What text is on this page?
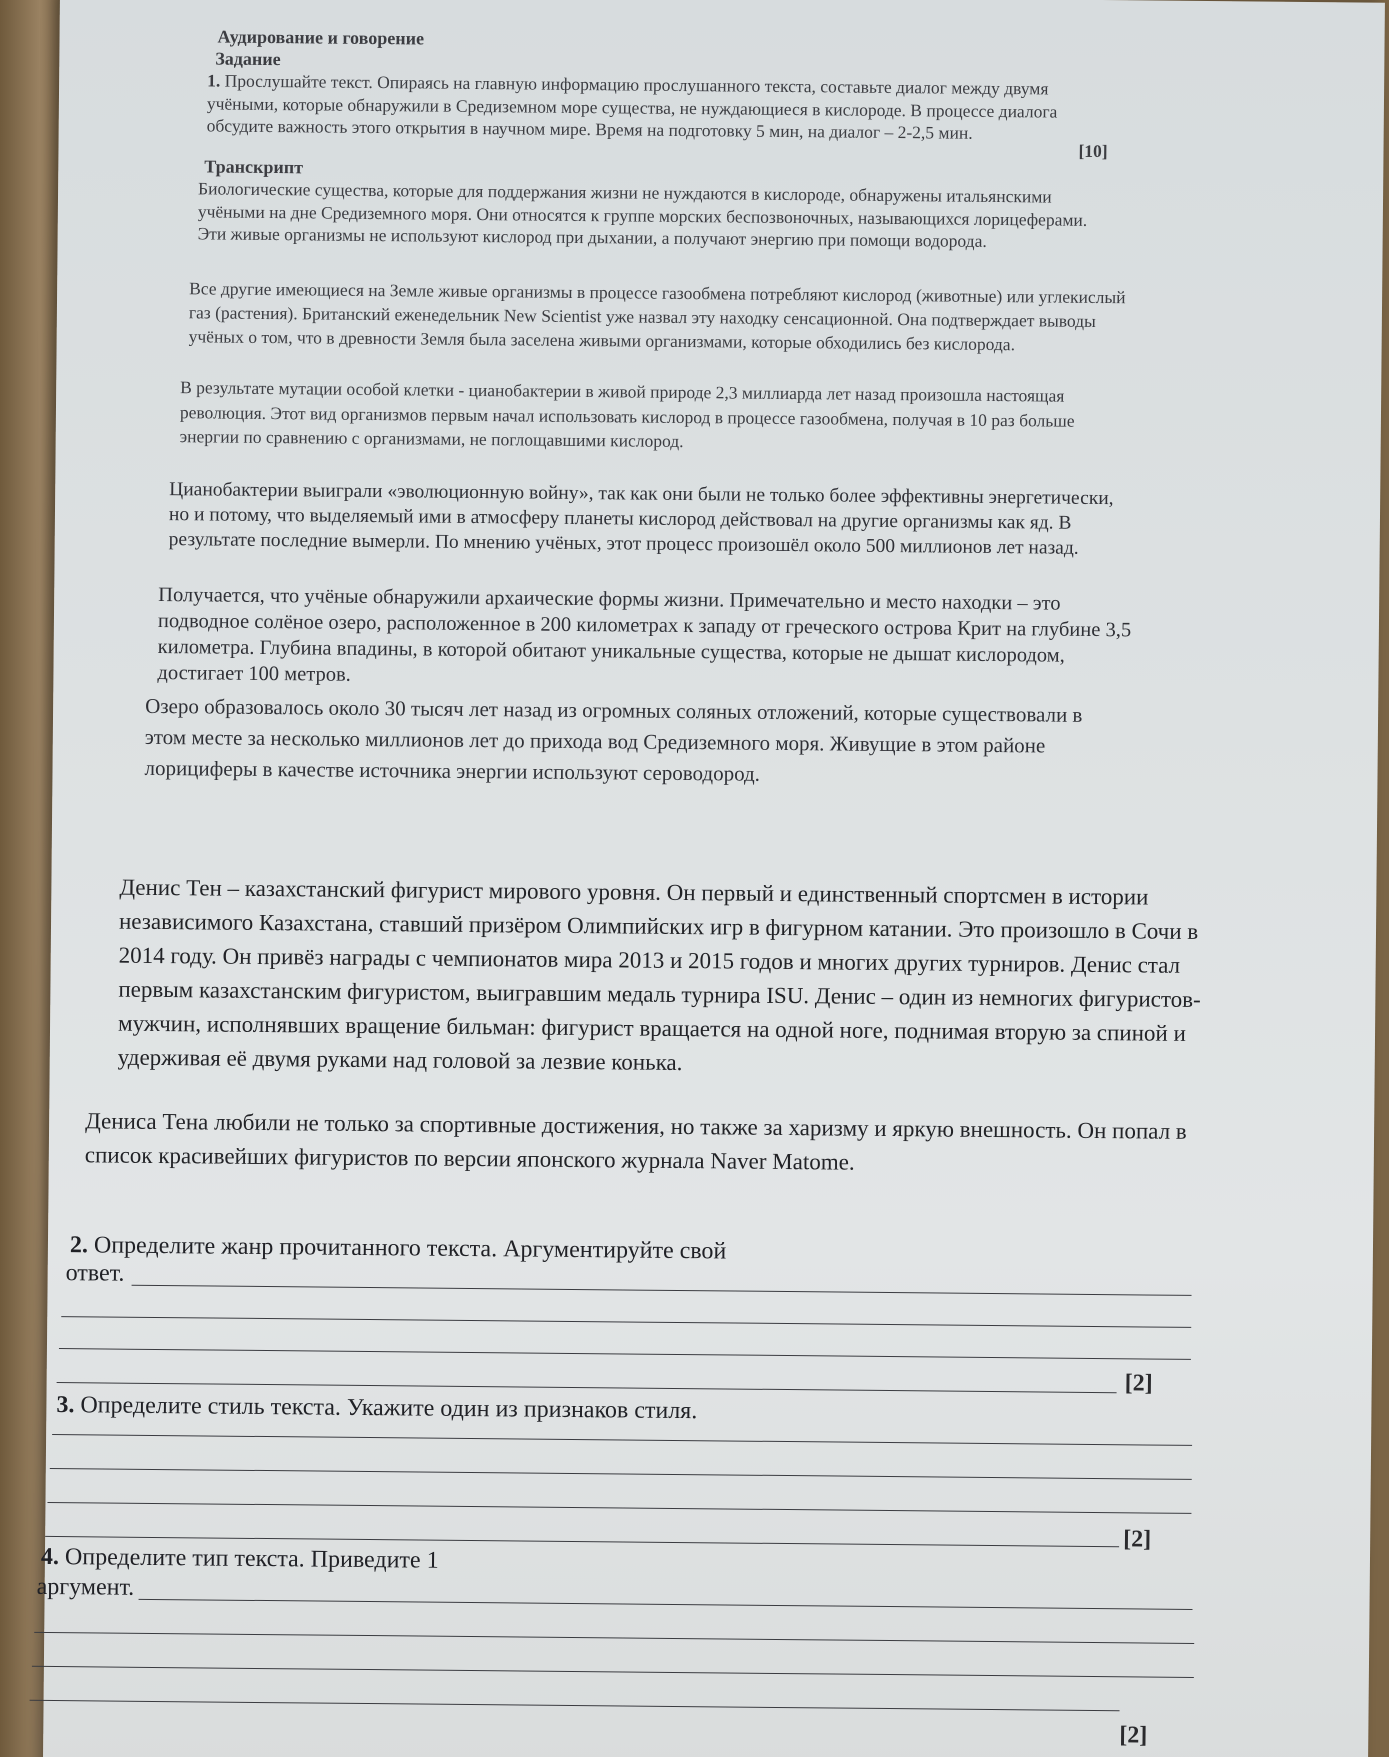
Аудирование и говорение
Задание
1. Прослушайте текст. Опираясь на главную информацию прослушанного текста, составьте диалог между двумя учёными, которые обнаружили в Средиземном море существа, не нуждающиеся в кислороде. В процессе диалога обсудите важность этого открытия в научном мире. Время на подготовку 5 мин, на диалог – 2-2,5 мин.
[10]
Транскрипт
Биологические существа, которые для поддержания жизни не нуждаются в кислороде, обнаружены итальянскими учёными на дне Средиземного моря. Они относятся к группе морских беспозвоночных, называющихся лорицеферами. Эти живые организмы не используют кислород при дыхании, а получают энергию при помощи водорода.
Все другие имеющиеся на Земле живые организмы в процессе газообмена потребляют кислород (животные) или углекислый газ (растения). Британский еженедельник New Scientist уже назвал эту находку сенсационной. Она подтверждает выводы учёных о том, что в древности Земля была заселена живыми организмами, которые обходились без кислорода.
В результате мутации особой клетки - цианобактерии в живой природе 2,3 миллиарда лет назад произошла настоящая революция. Этот вид организмов первым начал использовать кислород в процессе газообмена, получая в 10 раз больше энергии по сравнению с организмами, не поглощавшими кислород.
Цианобактерии выиграли «эволюционную войну», так как они были не только более эффективны энергетически, но и потому, что выделяемый ими в атмосферу планеты кислород действовал на другие организмы как яд. В результате последние вымерли. По мнению учёных, этот процесс произошёл около 500 миллионов лет назад.
Получается, что учёные обнаружили архаические формы жизни. Примечательно и место находки – это подводное солёное озеро, расположенное в 200 километрах к западу от греческого острова Крит на глубине 3,5 километра. Глубина впадины, в которой обитают уникальные существа, которые не дышат кислородом, достигает 100 метров.
Озеро образовалось около 30 тысяч лет назад из огромных соляных отложений, которые существовали в этом месте за несколько миллионов лет до прихода вод Средиземного моря. Живущие в этом районе лорициферы в качестве источника энергии используют сероводород.
Денис Тен – казахстанский фигурист мирового уровня. Он первый и единственный спортсмен в истории независимого Казахстана, ставший призёром Олимпийских игр в фигурном катании. Это произошло в Сочи в 2014 году. Он привёз награды с чемпионатов мира 2013 и 2015 годов и многих других турниров. Денис стал первым казахстанским фигуристом, выигравшим медаль турнира ISU. Денис – один из немногих фигуристов-мужчин, исполнявших вращение бильман: фигурист вращается на одной ноге, поднимая вторую за спиной и удерживая её двумя руками над головой за лезвие конька.
Дениса Тена любили не только за спортивные достижения, но также за харизму и яркую внешность. Он попал в список красивейших фигуристов по версии японского журнала Naver Matome.
2. Определите жанр прочитанного текста. Аргументируйте свой
ответ.
[2]
3. Определите стиль текста. Укажите один из признаков стиля.
[2]
4. Определите тип текста. Приведите 1
аргумент.
[2]
